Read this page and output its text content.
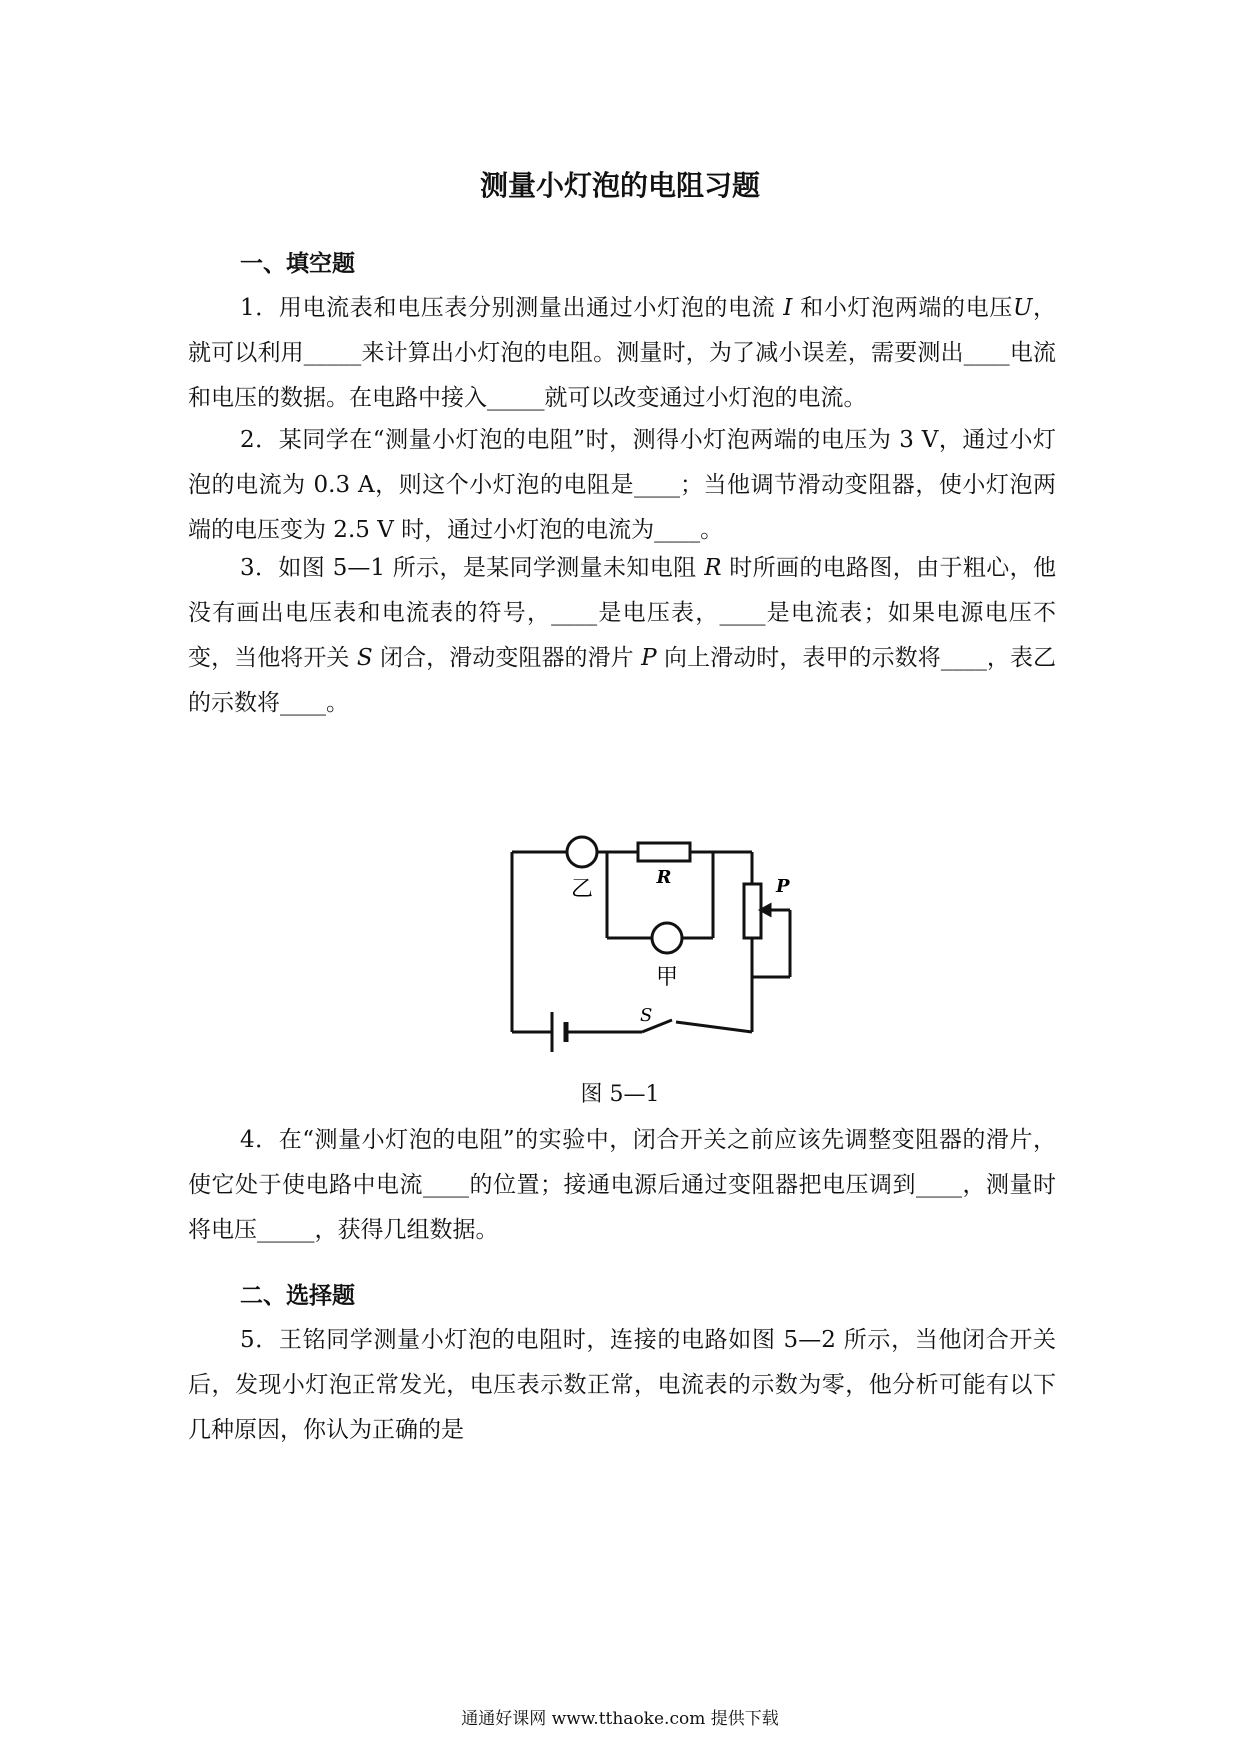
测量小灯泡的电阻习题
一、填空题

1．用电流表和电压表分别测量出通过小灯泡的电流 I 和小灯泡两端的电压U，就可以利用_____来计算出小灯泡的电阻。测量时，为了减小误差，需要测出____电流和电压的数据。在电路中接入_____就可以改变通过小灯泡的电流。

2．某同学在“测量小灯泡的电阻”时，测得小灯泡两端的电压为 3 V，通过小灯泡的电流为 0.3 A，则这个小灯泡的电阻是____；当他调节滑动变阻器，使小灯泡两端的电压变为 2.5 V 时，通过小灯泡的电流为____。

3．如图 5—1 所示，是某同学测量未知电阻 R 时所画的电路图，由于粗心，他没有画出电压表和电流表的符号，____是电压表，____是电流表；如果电源电压不变，当他将开关 S 闭合，滑动变阻器的滑片 P 向上滑动时，表甲的示数将____，表乙的示数将____。

乙
甲
R	P
S
图 5—1

4．在“测量小灯泡的电阻”的实验中，闭合开关之前应该先调整变阻器的滑片，使它处于使电路中电流____的位置；接通电源后通过变阻器把电压调到____，测量时将电压_____，获得几组数据。

二、选择题

5．王铭同学测量小灯泡的电阻时，连接的电路如图 5—2 所示，当他闭合开关后，发现小灯泡正常发光，电压表示数正常，电流表的示数为零，他分析可能有以下几种原因，你认为正确的是

通通好课网 www.tthaoke.com 提供下载
